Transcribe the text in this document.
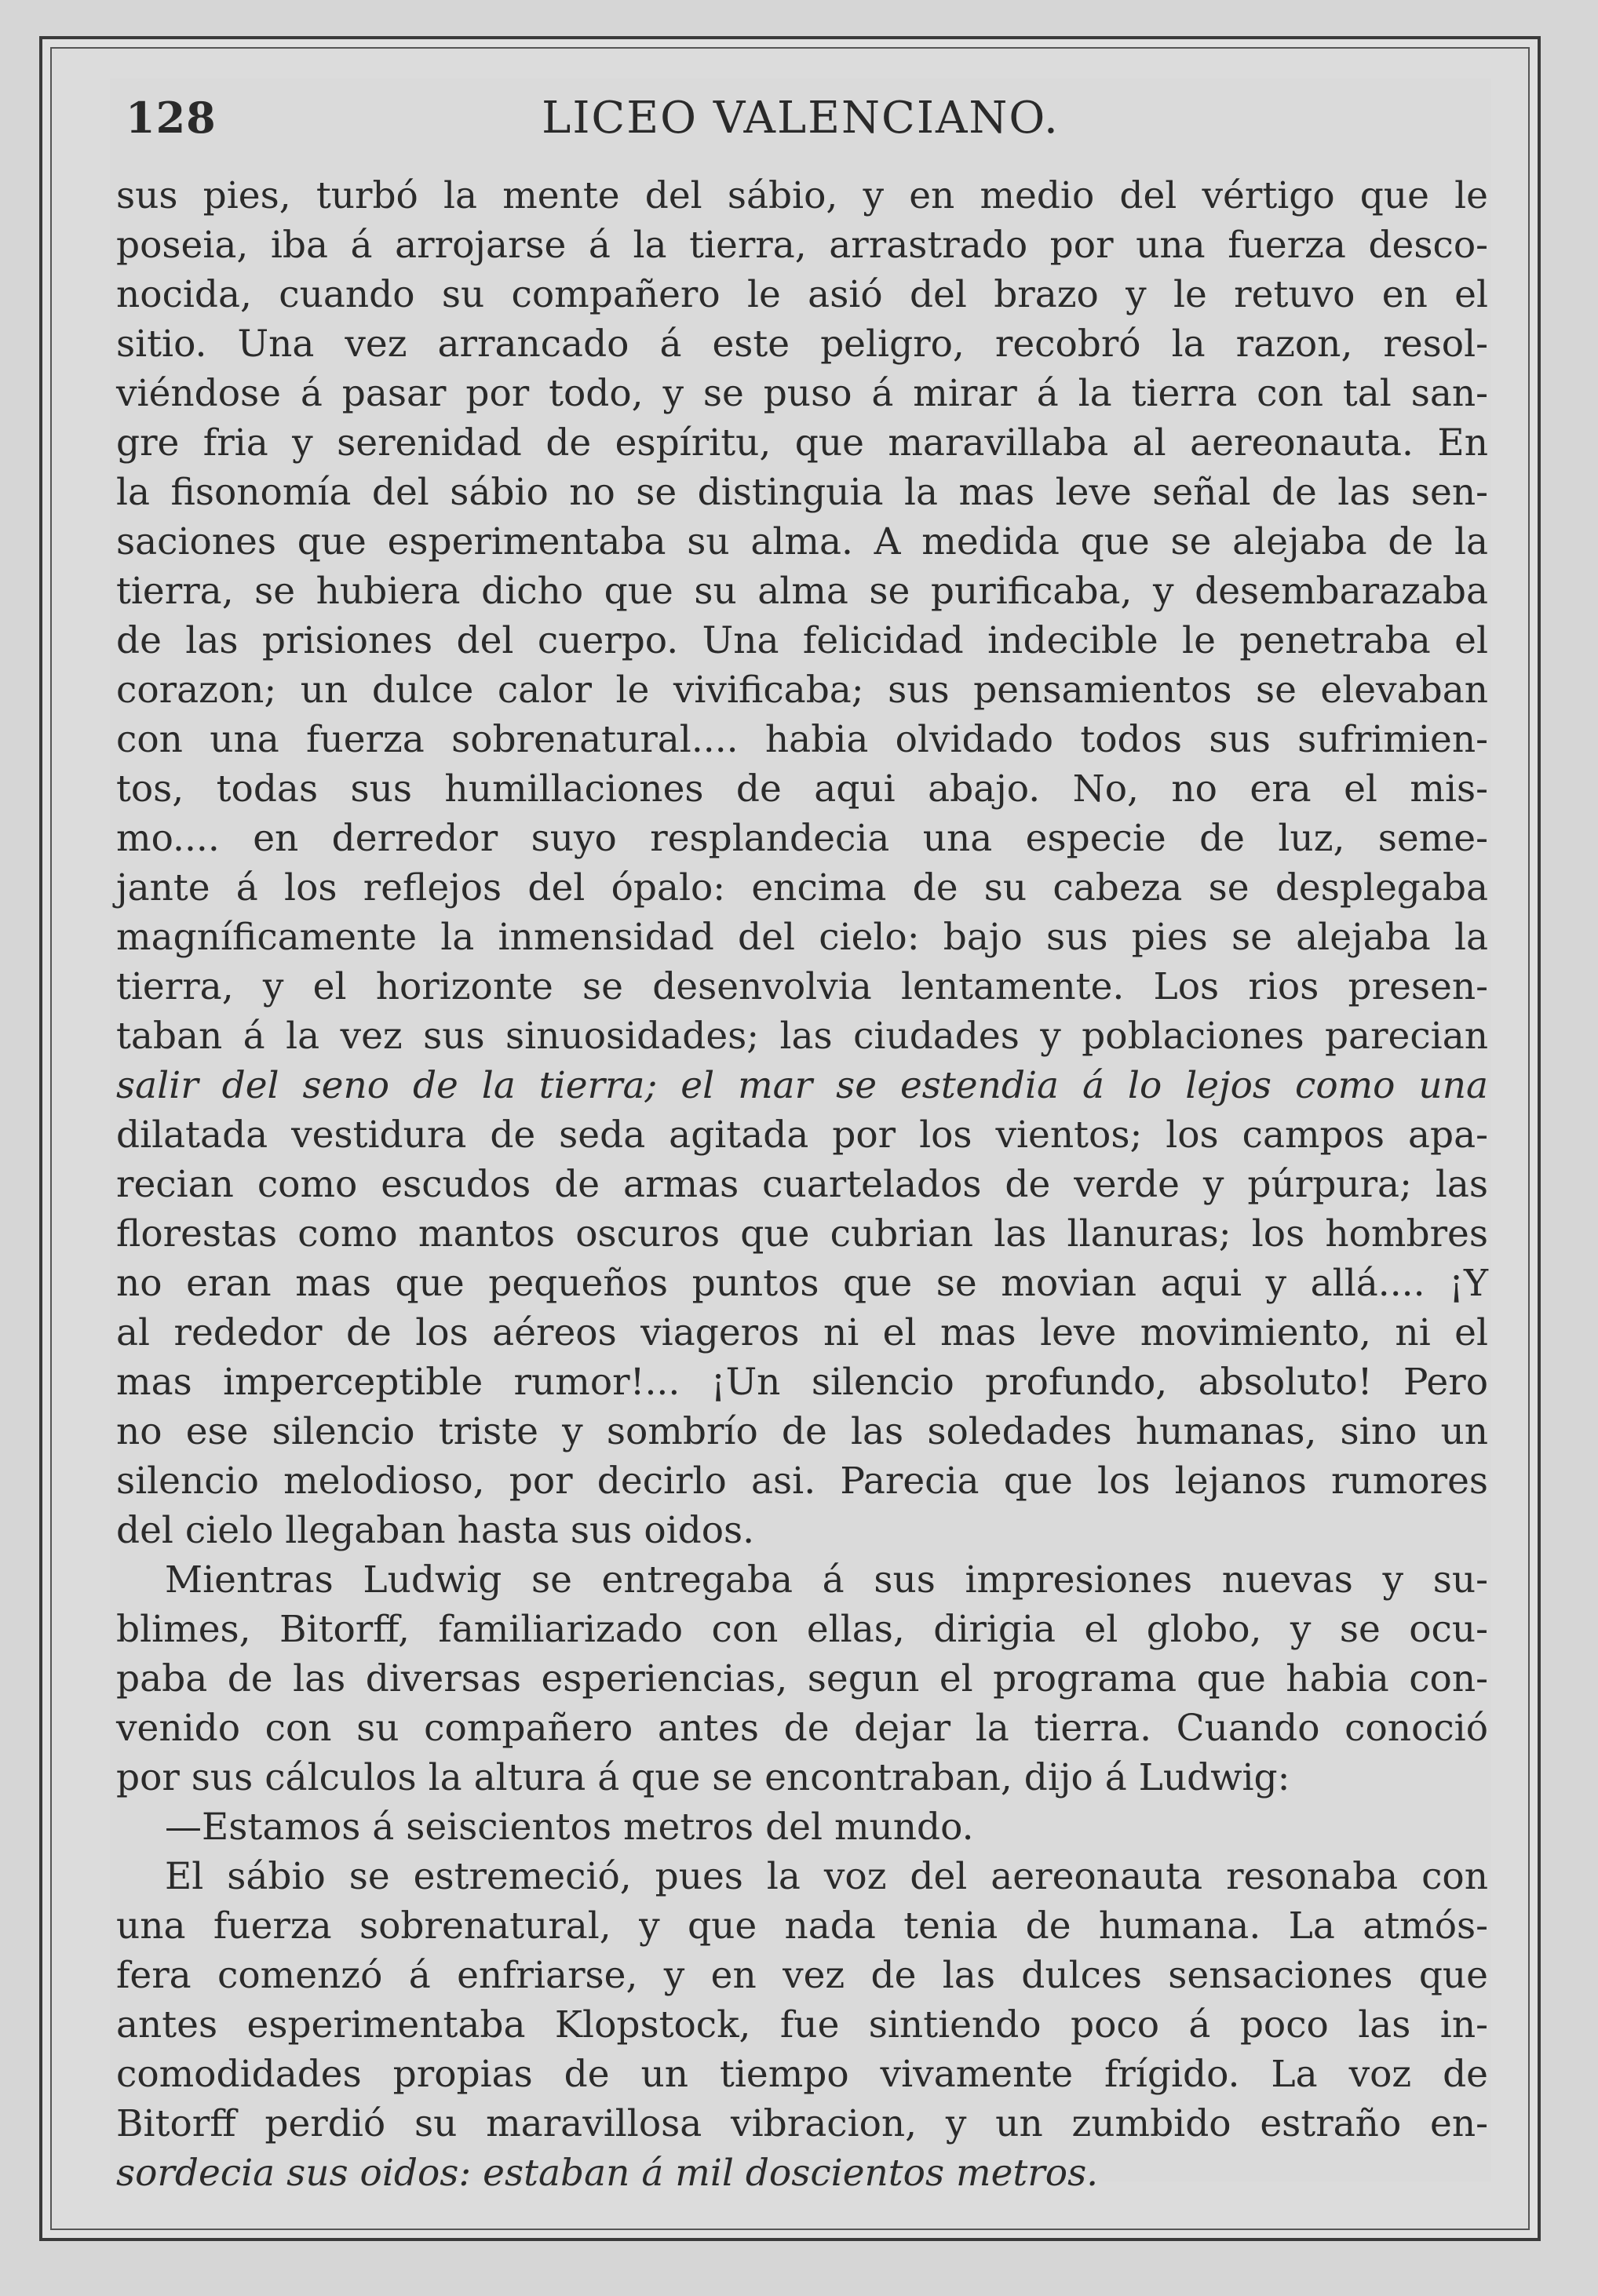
128	LICEO VALENCIANO.
sus pies, turbó la mente del sábio, y en medio del vértigo que le
poseia, iba á arrojarse á la tierra, arrastrado por una fuerza desco-
nocida, cuando su compañero le asió del brazo y le retuvo en el
sitio. Una vez arrancado á este peligro, recobró la razon, resol-
viéndose á pasar por todo, y se puso á mirar á la tierra con tal san-
gre fria y serenidad de espíritu, que maravillaba al aereonauta. En
la fisonomía del sábio no se distinguia la mas leve señal de las sen-
saciones que esperimentaba su alma. A medida que se alejaba de la
tierra, se hubiera dicho que su alma se purificaba, y desembarazaba
de las prisiones del cuerpo. Una felicidad indecible le penetraba el
corazon; un dulce calor le vivificaba; sus pensamientos se elevaban
con una fuerza sobrenatural.... habia olvidado todos sus sufrimien-
tos, todas sus humillaciones de aqui abajo. No, no era el mis-
mo.... en derredor suyo resplandecia una especie de luz, seme-
jante á los reflejos del ópalo: encima de su cabeza se desplegaba
magníficamente la inmensidad del cielo: bajo sus pies se alejaba la
tierra, y el horizonte se desenvolvia lentamente. Los rios presen-
taban á la vez sus sinuosidades; las ciudades y poblaciones parecian
salir del seno de la tierra; el mar se estendia á lo lejos como una
dilatada vestidura de seda agitada por los vientos; los campos apa-
recian como escudos de armas cuartelados de verde y púrpura; las
florestas como mantos oscuros que cubrian las llanuras; los hombres
no eran mas que pequeños puntos que se movian aqui y allá.... ¡Y
al rededor de los aéreos viageros ni el mas leve movimiento, ni el
mas imperceptible rumor!... ¡Un silencio profundo, absoluto! Pero
no ese silencio triste y sombrío de las soledades humanas, sino un
silencio melodioso, por decirlo asi. Parecia que los lejanos rumores
del cielo llegaban hasta sus oidos.
Mientras Ludwig se entregaba á sus impresiones nuevas y su-
blimes, Bitorff, familiarizado con ellas, dirigia el globo, y se ocu-
paba de las diversas esperiencias, segun el programa que habia con-
venido con su compañero antes de dejar la tierra. Cuando conoció
por sus cálculos la altura á que se encontraban, dijo á Ludwig:
—Estamos á seiscientos metros del mundo.
El sábio se estremeció, pues la voz del aereonauta resonaba con
una fuerza sobrenatural, y que nada tenia de humana. La atmós-
fera comenzó á enfriarse, y en vez de las dulces sensaciones que
antes esperimentaba Klopstock, fue sintiendo poco á poco las in-
comodidades propias de un tiempo vivamente frígido. La voz de
Bitorff perdió su maravillosa vibracion, y un zumbido estraño en-
sordecia sus oidos: estaban á mil doscientos metros.
